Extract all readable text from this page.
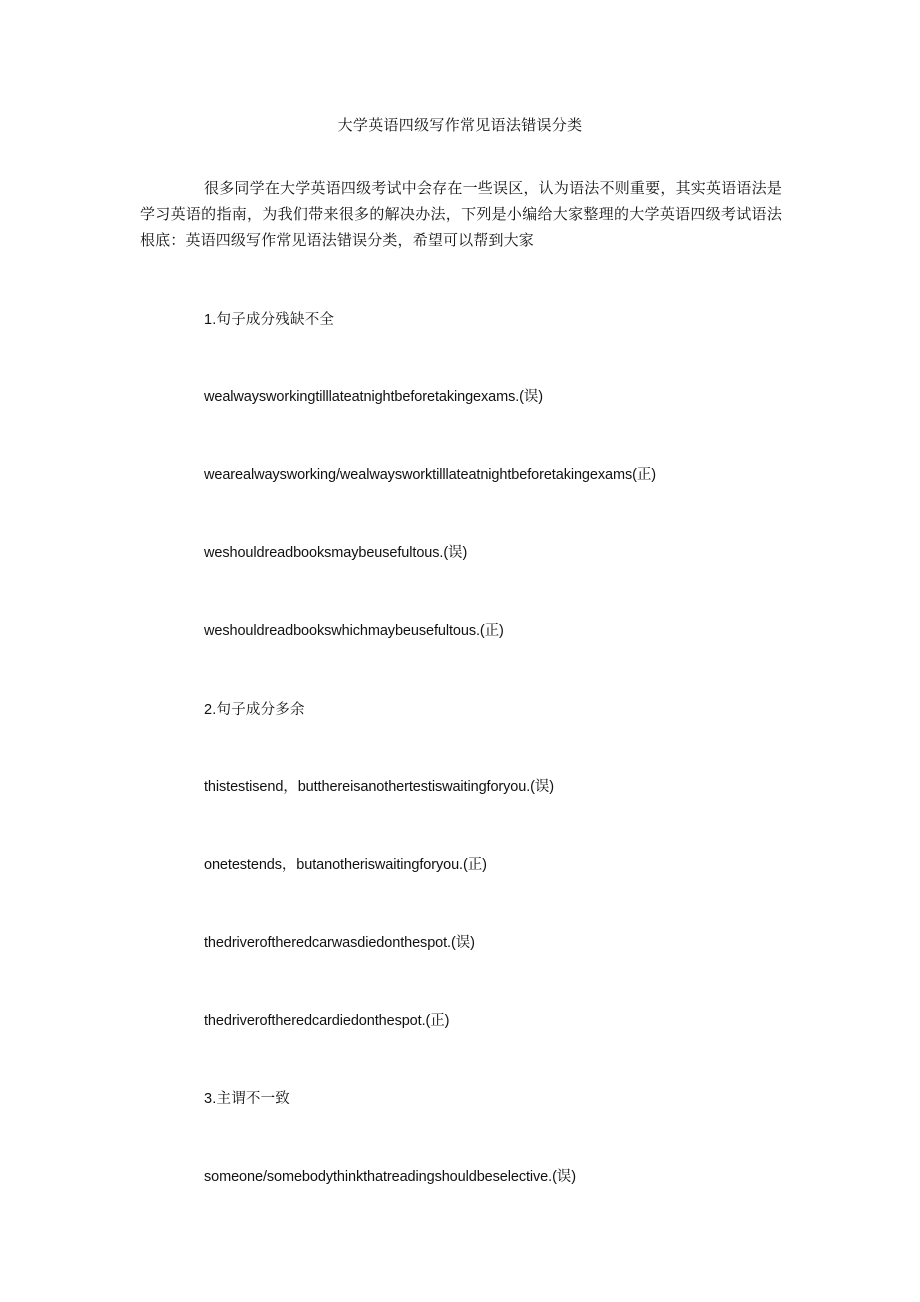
大学英语四级写作常见语法错误分类
很多同学在大学英语四级考试中会存在一些误区，认为语法不则重要，其实英语语法是学习英语的指南，为我们带来很多的解决办法，下列是小编给大家整理的大学英语四级考试语法根底：英语四级写作常见语法错误分类，希望可以帮到大家
1.句子成分残缺不全
wealwaysworkingtilllateatnightbeforetakingexams.(误)
wearealwaysworking/wealwaysworktilllateatnightbeforetakingexams(正)
weshouldreadbooksmaybeusefultous.(误)
weshouldreadbookswhichmaybeusefultous.(正)
2.句子成分多余
thistestisend，butthereisanothertestiswaitingforyou.(误)
onetestends，butanotheriswaitingforyou.(正)
thedriveroftheredcarwasdiedonthespot.(误)
thedriveroftheredcardiedonthespot.(正)
3.主谓不一致
someone/somebodythinkthatreadingshouldbeselective.(误)
